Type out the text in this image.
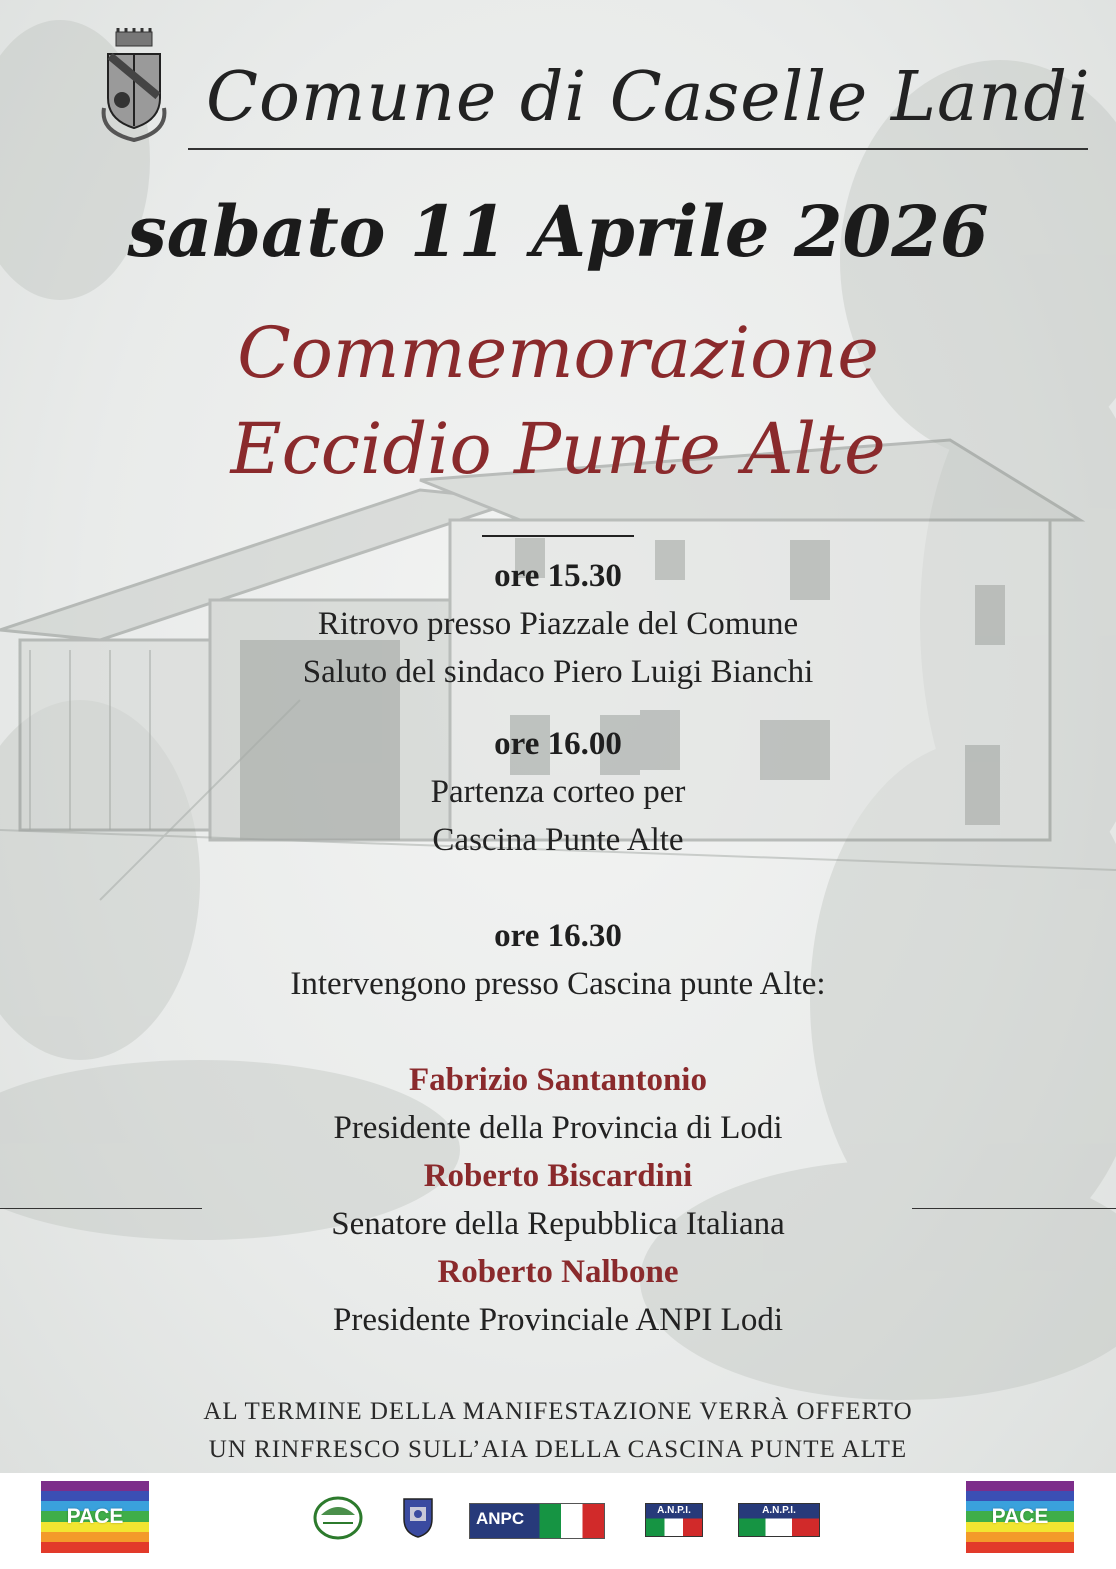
Comune di Caselle Landi
sabato 11 Aprile 2026
Commemorazione
Eccidio Punte Alte
ore 15.30
Ritrovo presso Piazzale del Comune
Saluto del sindaco Piero Luigi Bianchi
ore 16.00
Partenza corteo per
Cascina Punte Alte
ore 16.30
Intervengono presso Cascina punte Alte:
Fabrizio Santantonio
Presidente della Provincia di Lodi
Roberto Biscardini
Senatore della Repubblica Italiana
Roberto Nalbone
Presidente Provinciale ANPI Lodi
AL TERMINE DELLA MANIFESTAZIONE VERRÀ OFFERTO
UN RINFRESCO SULL’AIA DELLA CASCINA PUNTE ALTE
PACE	ANPC	A.N.P.I.	A.N.P.I.	PACE
